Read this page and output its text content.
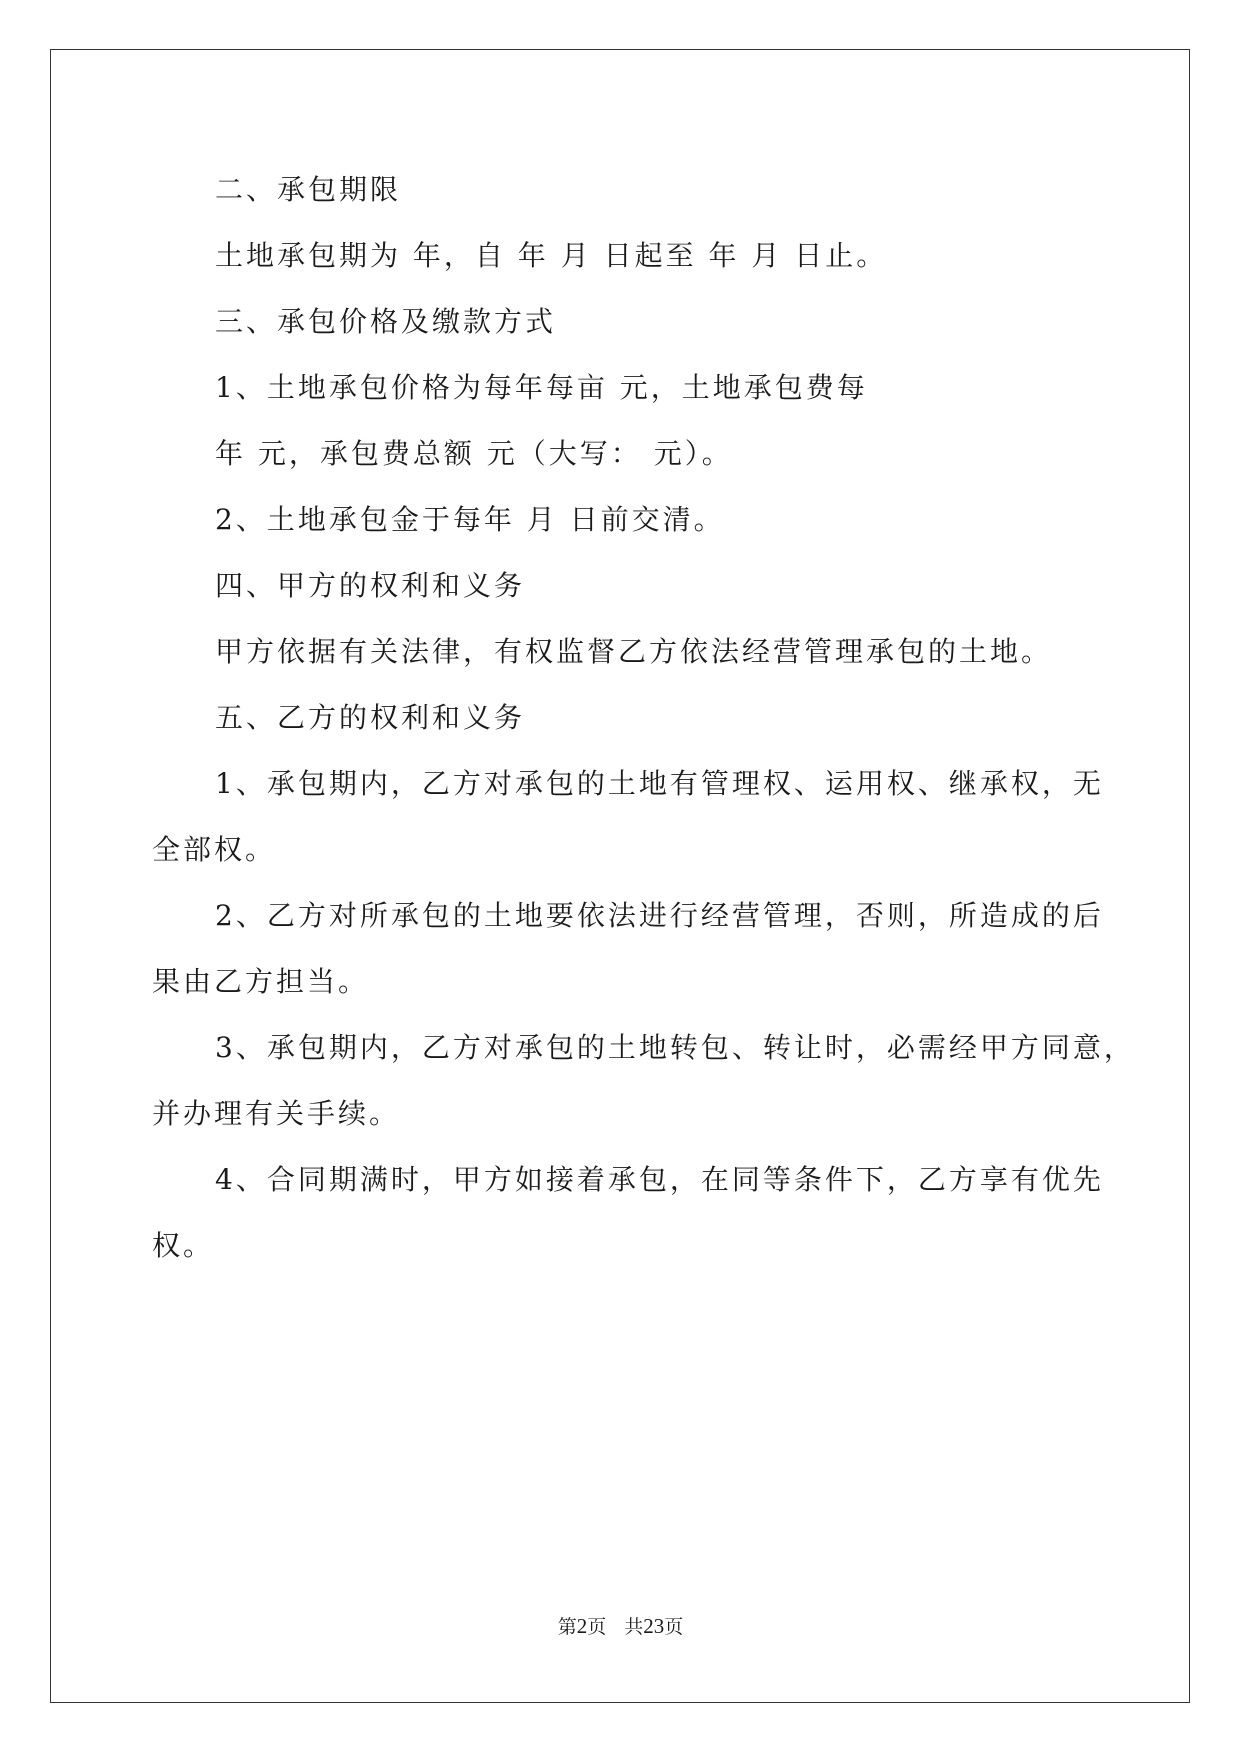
二、承包期限
土地承包期为 年，自 年 月 日起至 年 月 日止。
三、承包价格及缴款方式
1、土地承包价格为每年每亩 元，土地承包费每
年 元，承包费总额 元（大写： 元）。
2、土地承包金于每年 月 日前交清。
四、甲方的权利和义务
甲方依据有关法律，有权监督乙方依法经营管理承包的土地。
五、乙方的权利和义务
1、承包期内，乙方对承包的土地有管理权、运用权、继承权，无
全部权。
2、乙方对所承包的土地要依法进行经营管理，否则，所造成的后
果由乙方担当。
3、承包期内，乙方对承包的土地转包、转让时，必需经甲方同意，
并办理有关手续。
4、合同期满时，甲方如接着承包，在同等条件下，乙方享有优先
权。
第2页 共23页
